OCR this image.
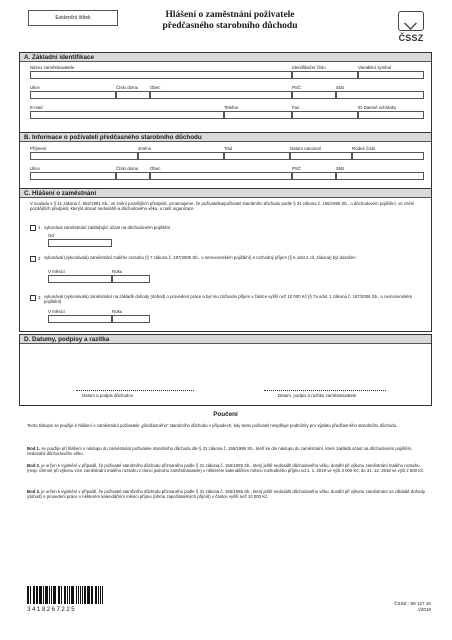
Evidenční štítek	Hlášení o zaměstnání poživatele
předčasného starobního důchodu
ČSSZ
A. Základní identifikace
Název zaměstnavatele	Identifikační číslo	Variabilní symbol
Ulice	Číslo domu	Obec	PSČ	Stát
E-mail	Telefon	Fax	ID Datové schránky
B. Informace o poživateli předčasného starobního důchodu
Příjmení	Jméno	Titul	Datum narození	Rodné číslo
Ulice	Číslo domu	Obec	PSČ	Stát
C. Hlášení o zaměstnání
V souladu s § 41 zákona č. 582/1991 Sb., ve znění pozdějších předpisů, oznamujeme, že poživatelka/poživatel starobního důchodu podle § 31 zákona č. 155/1995 Sb., o důchodovém pojištění, ve znění pozdějších předpisů, který/á dosud nedosáhl/-a důchodového věku, u naší organizace
1 vykonává zaměstnání zakládající účast na důchodovém pojištění
Od
2 vykonával (vykonávala) zaměstnání malého rozsahu (§ 7 zákona č. 187/2006 Sb., o nemocenském pojištění) a rozhodný příjem (§ 6 odst.2 cit. zákona) byl dosažen
V měsíci	Roku
3 vykonával (vykonávala) zaměstnání na základě dohody (dohod) o provedení práce a byl mu zúčtován příjem v částce vyšší než 10 000 Kč (§ 7a odst. 1 zákona č. 187/2006 Sb., o nemocenském pojištění)
V měsíci	Roku
D. Datumy, podpisy a razítka
Datum a podpis důchodce	Datum, podpis a razítko zaměstnavatele
Poučení
Tento tiskopis se použije k hlášení o zaměstnání poživatele „předčasného“ starobního důchodu v případech, kdy tento poživatel nesplňuje podmínky pro výplatu předčasného starobního důchodu.
Bod 1. se použije při hlášení o nástupu do zaměstnání poživatele starobního důchodu dle § 31 zákona č. 155/1995 Sb., kteří ke dni nástupu do zaměstnání, které zakládá účast na důchodovém pojištění, nedosáhli důchodového věku.
Bod 2. je určen k vyplnění v případě, že poživatel starobního důchodu přiznaného podle § 31 zákona č. 155/1995 Sb., který ještě nedosáhl důchodového věku, dosáhl při výkonu zaměstnání malého rozsahu (resp. úhrnně při výkonu více zaměstnání malého rozsahu v rámci jednoho zaměstnavatele) v některém kalendářním měsíci rozhodného příjmu od 1. 1. 2019 ve výši 3 000 Kč, do 31. 12. 2018 ve výši 2 500 Kč.
Bod 3. je určen k vyplnění v případě, že poživatel starobního důchodu přiznaného podle § 31 zákona č. 155/1995 Sb., který ještě nedosáhl důchodového věku, dosáhl při výkonu zaměstnání na základě dohody (dohod) o provedení práce v některém kalendářním měsíci příjmu (úhrnu započitatelných příjmů) v částce vyšší než 10 000 Kč.
3418267225
ČSSZ - 89 127 10
I/2019
